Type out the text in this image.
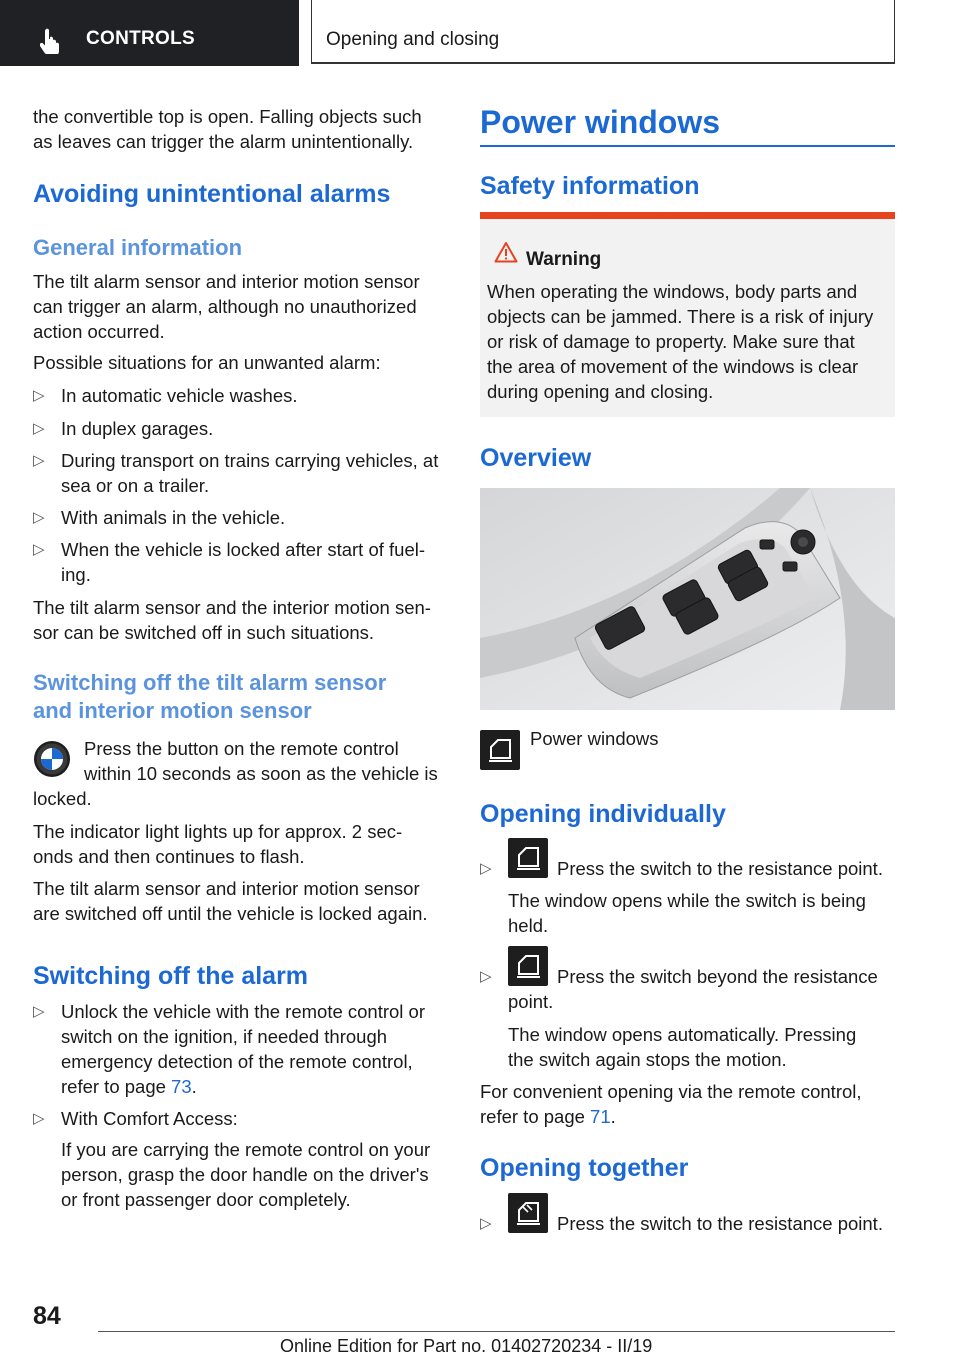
CONTROLS	Opening and closing
the convertible top is open. Falling objects such
as leaves can trigger the alarm unintentionally.
Avoiding unintentional alarms
General information
The tilt alarm sensor and interior motion sensor
can trigger an alarm, although no unauthorized
action occurred.
Possible situations for an unwanted alarm:
▷ In automatic vehicle washes.
▷ In duplex garages.
▷ During transport on trains carrying vehicles, at
sea or on a trailer.
▷ With animals in the vehicle.
▷ When the vehicle is locked after start of fuel-
ing.
The tilt alarm sensor and the interior motion sen-
sor can be switched off in such situations.
Switching off the tilt alarm sensor
and interior motion sensor
Press the button on the remote control
within 10 seconds as soon as the vehicle is
locked.
The indicator light lights up for approx. 2 sec-
onds and then continues to flash.
The tilt alarm sensor and interior motion sensor
are switched off until the vehicle is locked again.
Switching off the alarm
▷ Unlock the vehicle with the remote control or
switch on the ignition, if needed through
emergency detection of the remote control,
refer to page 73.
▷ With Comfort Access:
If you are carrying the remote control on your
person, grasp the door handle on the driver's
or front passenger door completely.
Power windows
Safety information
Warning
When operating the windows, body parts and
objects can be jammed. There is a risk of injury
or risk of damage to property. Make sure that
the area of movement of the windows is clear
during opening and closing.
Overview
Power windows
Opening individually
▷	Press the switch to the resistance point.
The window opens while the switch is being
held.
▷	Press the switch beyond the resistance
point.
The window opens automatically. Pressing
the switch again stops the motion.
For convenient opening via the remote control,
refer to page 71.
Opening together
▷	Press the switch to the resistance point.
84
Online Edition for Part no. 01402720234 - II/19
